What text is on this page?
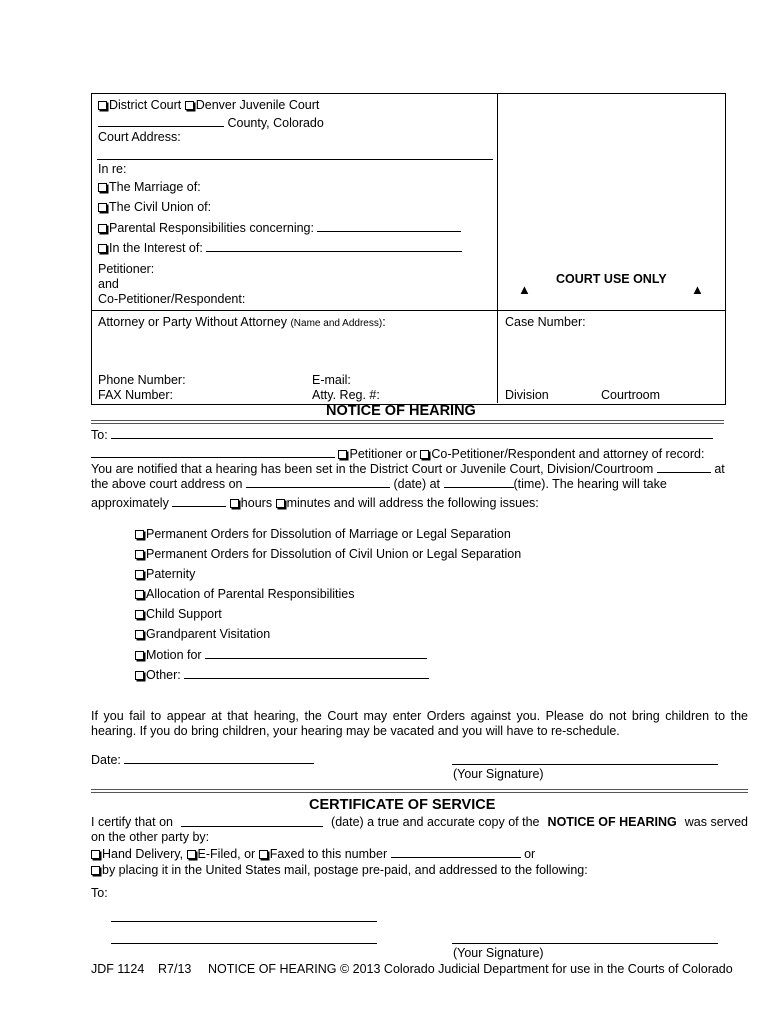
District Court Denver Juvenile Court
County, Colorado
Court Address:
In re:
The Marriage of:
The Civil Union of:
Parental Responsibilities concerning:
In the Interest of:
Petitioner:
and
Co-Petitioner/Respondent:
COURT USE ONLY
▲	▲
Attorney or Party Without Attorney (Name and Address):	Case Number:
Phone Number:	E-mail:
FAX Number:	Atty. Reg. #:	Division	Courtroom
NOTICE OF HEARING
To:
Petitioner or Co-Petitioner/Respondent and attorney of record:
You are notified that a hearing has been set in the District Court or Juvenile Court, Division/Courtroom	at
the above court address on	(date) at	(time). The hearing will take
approximately	hours minutes and will address the following issues:
Permanent Orders for Dissolution of Marriage or Legal Separation
Permanent Orders for Dissolution of Civil Union or Legal Separation
Paternity
Allocation of Parental Responsibilities
Child Support
Grandparent Visitation
Motion for
Other:
If you fail to appear at that hearing, the Court may enter Orders against you. Please do not bring children to the hearing. If you do bring children, your hearing may be vacated and you will have to re-schedule.
Date:
(Your Signature)
CERTIFICATE OF SERVICE
I certify that on	(date) a true and accurate copy of the NOTICE OF HEARING was served
on the other party by:
Hand Delivery, E-Filed, or Faxed to this number	or
by placing it in the United States mail, postage pre-paid, and addressed to the following:
To:
(Your Signature)
JDF 1124 R7/13 NOTICE OF HEARING © 2013 Colorado Judicial Department for use in the Courts of Colorado
